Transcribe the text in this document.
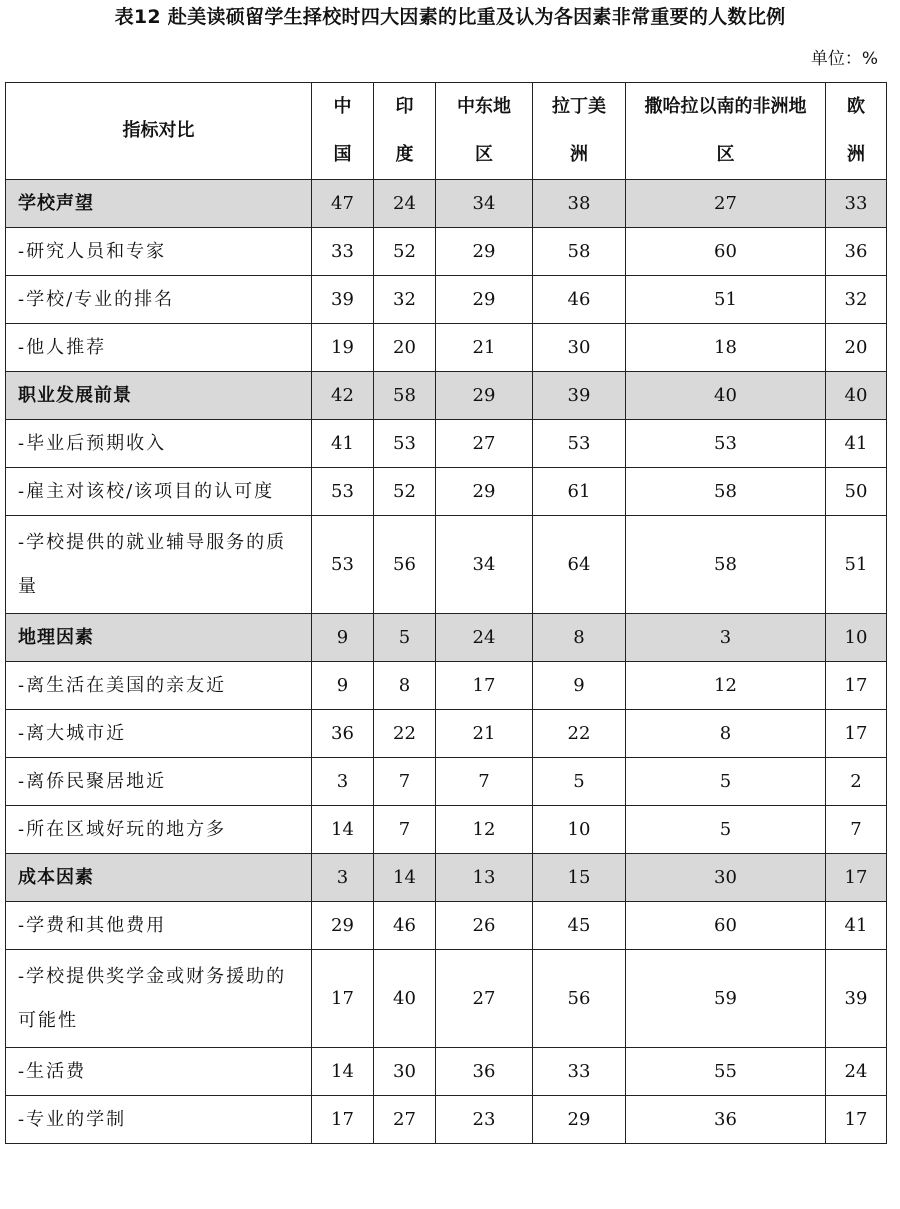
表12 赴美读硕留学生择校时四大因素的比重及认为各因素非常重要的人数比例
单位：%
指标对比	中国	印度	中东地区	拉丁美洲	撒哈拉以南的非洲地区	欧洲

学校声望	47	24	34	38	27	33
-研究人员和专家	33	52	29	58	60	36
-学校/专业的排名	39	32	29	46	51	32
-他人推荐	19	20	21	30	18	20
职业发展前景	42	58	29	39	40	40
-毕业后预期收入	41	53	27	53	53	41
-雇主对该校/该项目的认可度	53	52	29	61	58	50
-学校提供的就业辅导服务的质量	53	56	34	64	58	51
地理因素	9	5	24	8	3	10
-离生活在美国的亲友近	9	8	17	9	12	17
-离大城市近	36	22	21	22	8	17
-离侨民聚居地近	3	7	7	5	5	2
-所在区域好玩的地方多	14	7	12	10	5	7
成本因素	3	14	13	15	30	17
-学费和其他费用	29	46	26	45	60	41
-学校提供奖学金或财务援助的可能性	17	40	27	56	59	39
-生活费	14	30	36	33	55	24
-专业的学制	17	27	23	29	36	17
